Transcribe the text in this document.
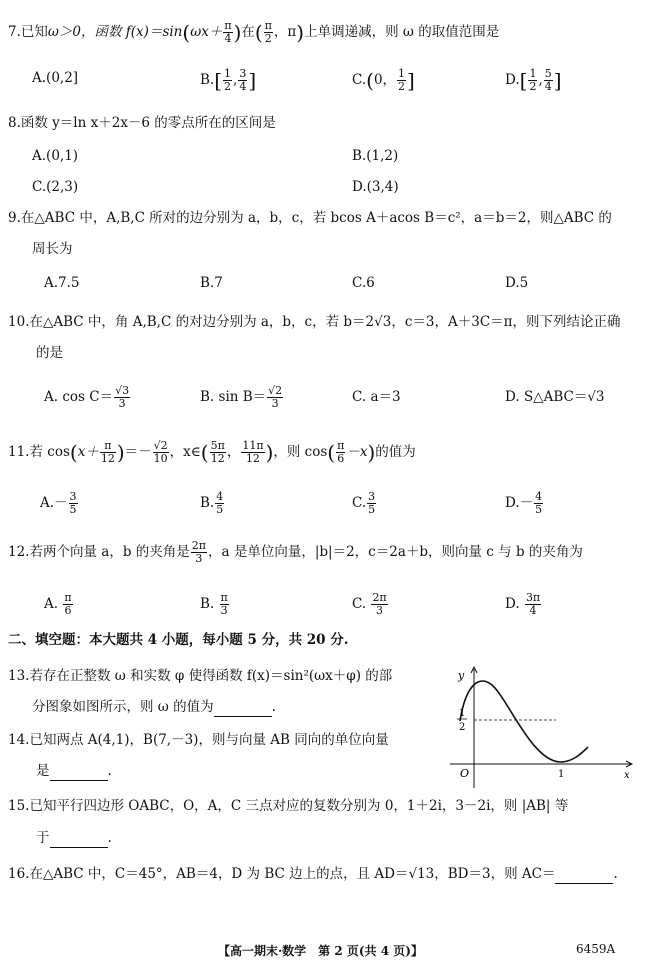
7.已知ω＞0，函数 $f(x)=\sin(\omega x+ \frac{\pi}{4}$ )在( $\frac{\pi}{2}$ ，π)上单调递减，则 ω 的取值范围是
A.(0,2]	$B.[ \frac{1}{2}$ , $\frac{3}{4}$ ]	C.(0， $\frac{1}{2}$ ]	$D.[ \frac{1}{2}$ , $\frac{5}{4}$ ]
8.函数 y＝ln x＋2x－6 的零点所在的区间是
A.(0,1)	B.(1,2)
C.(2,3)	D.(3,4)
9.在△ABC 中，A,B,C 所对的边分别为 a，b，c，若 bcos A＋acos B＝c²，a＝b＝2，则△ABC 的
周长为
A.7.5	B.7	C.6	D.5
10.在△ABC 中，角 A,B,C 的对边分别为 a，b，c，若 b＝2√3，c＝3，A＋3C＝π，则下列结论正确
的是
A. $\cos C= \frac{√3}{3}$	B. $\sin B= \frac{√2}{3}$	C. a＝3	D. S△ABC＝√3
11.若 $\cos(x+ \frac{\pi}{12}$ )＝－ $\frac{√2}{10}$ ，x∈( $\frac{5\pi}{12}$ ， $\frac{11\pi}{12}$ )，则 $\cos( \frac{\pi}{6} -x)$的值为
$A.- \frac{3}{5}$	B. $\frac{4}{5}$	C. $\frac{3}{5}$	$D.- \frac{4}{5}$
12.若两个向量 a，b 的夹角是 $\frac{2\pi}{3}$ ，a 是单位向量，|b|＝2，c＝2a＋b，则向量 c 与 b 的夹角为
A. $\frac{\pi}{6}$	B. $\frac{\pi}{3}$	C. $\frac{2\pi}{3}$	D. $\frac{3\pi}{4}$
二、填空题：本大题共 4 小题，每小题 5 分，共 20 分.
13.若存在正整数 ω 和实数 φ 使得函数 f(x)＝sin²(ωx＋φ) 的部
分图象如图所示，则 ω 的值为	.
14.已知两点 A(4,1)，B(7,－3)，则与向量 AB 同向的单位向量
是	.
15.已知平行四边形 OABC，O，A，C 三点对应的复数分别为 0，1＋2i，3－2i，则 |AB| 等
于	.
16.在△ABC 中，C＝45°，AB＝4，D 为 BC 边上的点，且 AD＝√13，BD＝3，则 AC＝	.
y
x
O
1
2
1
【高一期末·数学　第 2 页(共 4 页)】	6459A
